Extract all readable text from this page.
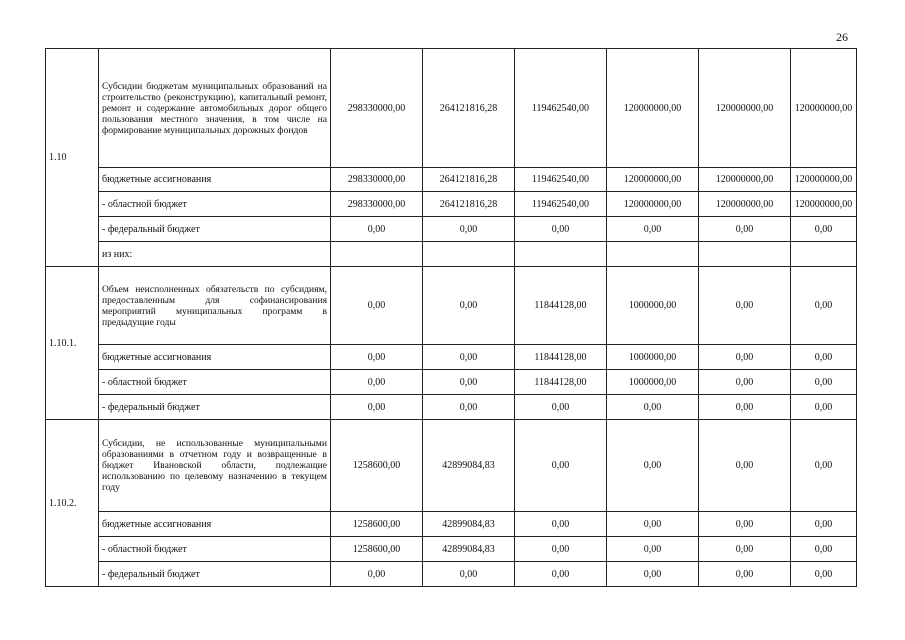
26
1.10	Субсидии бюджетам муниципальных образований на строительство (реконструкцию), капитальный ремонт, ремонт и содержание автомобильных дорог общего пользования местного значения, в том числе на формирование муниципальных дорожных фондов	298330000,00	264121816,28	119462540,00	120000000,00	120000000,00	120000000,00
	бюджетные ассигнования	298330000,00	264121816,28	119462540,00	120000000,00	120000000,00	120000000,00
	- областной бюджет	298330000,00	264121816,28	119462540,00	120000000,00	120000000,00	120000000,00
	- федеральный бюджет	0,00	0,00	0,00	0,00	0,00	0,00
	из них:						
1.10.1.	Объем неисполненных обязательств по субсидиям, предоставленным для софинансирования мероприятий муниципальных программ в предыдущие годы	0,00	0,00	11844128,00	1000000,00	0,00	0,00
	бюджетные ассигнования	0,00	0,00	11844128,00	1000000,00	0,00	0,00
	- областной бюджет	0,00	0,00	11844128,00	1000000,00	0,00	0,00
	- федеральный бюджет	0,00	0,00	0,00	0,00	0,00	0,00
1.10.2.	Субсидии, не использованные муниципальными образованиями в отчетном году и возвращенные в бюджет Ивановской области, подлежащие использованию по целевому назначению в текущем году	1258600,00	42899084,83	0,00	0,00	0,00	0,00
	бюджетные ассигнования	1258600,00	42899084,83	0,00	0,00	0,00	0,00
	- областной бюджет	1258600,00	42899084,83	0,00	0,00	0,00	0,00
	- федеральный бюджет	0,00	0,00	0,00	0,00	0,00	0,00
